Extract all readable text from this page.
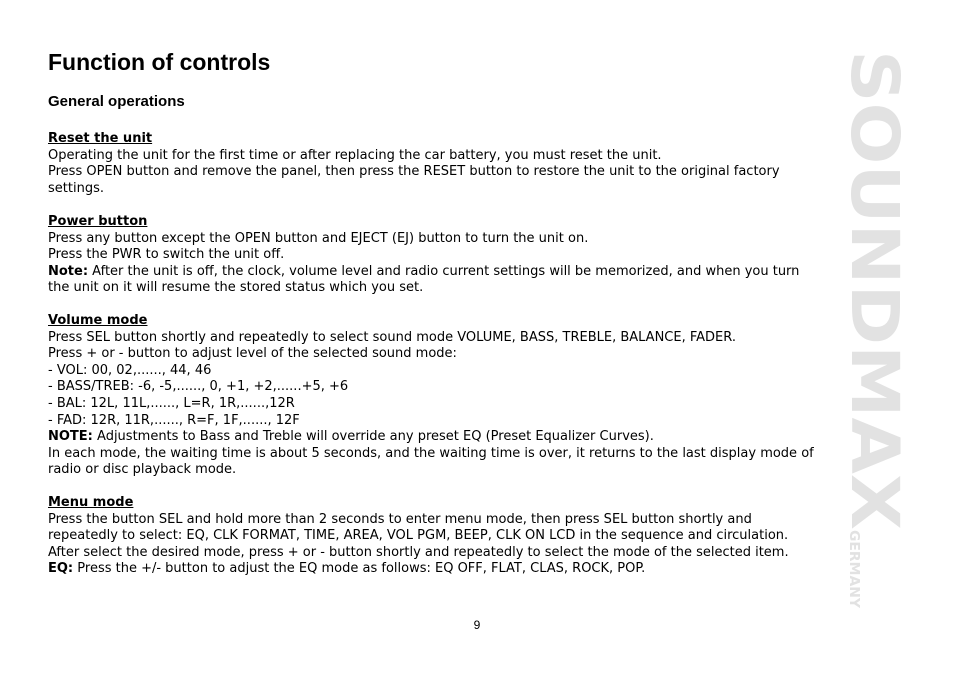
Function of controls
General operations

Reset the unit

Operating the unit for the first time or after replacing the car battery, you must reset the unit.

Press OPEN button and remove the panel, then press the RESET button to restore the unit to the original factory settings.

Power button

Press any button except the OPEN button and EJECT (EJ) button to turn the unit on.

Press the PWR to switch the unit off.

Note: After the unit is off, the clock, volume level and radio current settings will be memorized, and when you turn the unit on it will resume the stored status which you set.

Volume mode

Press SEL button shortly and repeatedly to select sound mode VOLUME, BASS, TREBLE, BALANCE, FADER.

Press + or - button to adjust level of the selected sound mode:

- VOL: 00, 02,......, 44, 46

- BASS/TREB: -6, -5,......, 0, +1, +2,......+5, +6

- BAL: 12L, 11L,......, L=R, 1R,......,12R

- FAD: 12R, 11R,......, R=F, 1F,......, 12F

NOTE: Adjustments to Bass and Treble will override any preset EQ (Preset Equalizer Curves).

In each mode, the waiting time is about 5 seconds, and the waiting time is over, it returns to the last display mode of radio or disc playback mode.

Menu mode

Press the button SEL and hold more than 2 seconds to enter menu mode, then press SEL button shortly and repeatedly to select: EQ, CLK FORMAT, TIME, AREA, VOL PGM, BEEP, CLK ON LCD in the sequence and circulation. After select the desired mode, press + or - button shortly and repeatedly to select the mode of the selected item.

EQ: Press the +/- button to adjust the EQ mode as follows: EQ OFF, FLAT, CLAS, ROCK, POP.

9
SOUNDMAX
GERMANY
